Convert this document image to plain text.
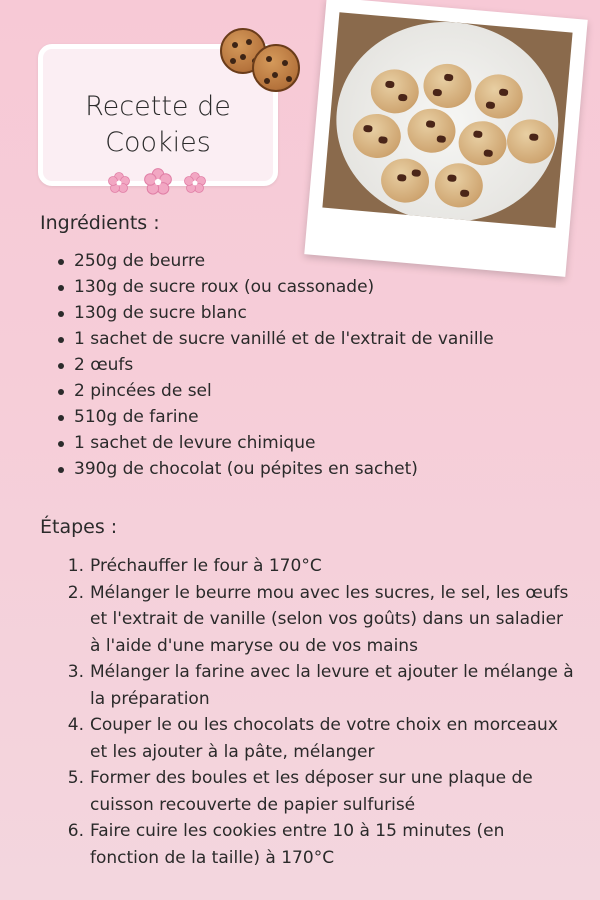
Recette de
Cookies
Ingrédients :
250g de beurre
130g de sucre roux (ou cassonade)
130g de sucre blanc
1 sachet de sucre vanillé et de l'extrait de vanille
2 œufs
2 pincées de sel
510g de farine
1 sachet de levure chimique
390g de chocolat (ou pépites en sachet)
Étapes :
1. Préchauffer le four à 170°C
2. Mélanger le beurre mou avec les sucres, le sel, les œufs et l'extrait de vanille (selon vos goûts) dans un saladier à l'aide d'une maryse ou de vos mains
3. Mélanger la farine avec la levure et ajouter le mélange à la préparation
4. Couper le ou les chocolats de votre choix en morceaux et les ajouter à la pâte, mélanger
5. Former des boules et les déposer sur une plaque de cuisson recouverte de papier sulfurisé
6. Faire cuire les cookies entre 10 à 15 minutes (en fonction de la taille) à 170°C
